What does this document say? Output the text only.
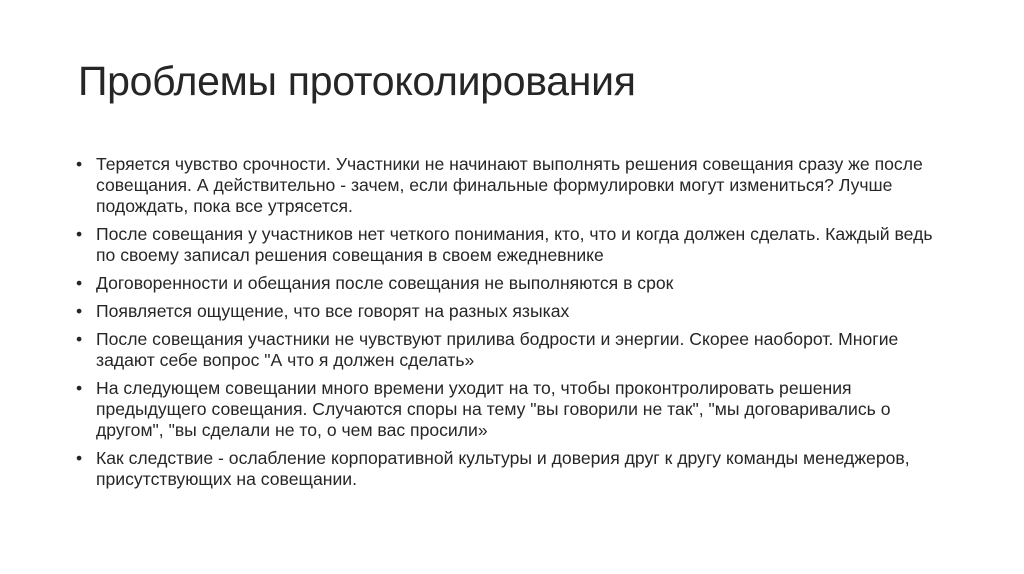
Проблемы протоколирования
• Теряется чувство срочности. Участники не начинают выполнять решения совещания сразу же после совещания. А действительно - зачем, если финальные формулировки могут измениться? Лучше подождать, пока все утрясется.
• После совещания у участников нет четкого понимания, кто, что и когда должен сделать. Каждый ведь по своему записал решения совещания в своем ежедневнике
• Договоренности и обещания после совещания не выполняются в срок
• Появляется ощущение, что все говорят на разных языках
• После совещания участники не чувствуют прилива бодрости и энергии. Скорее наоборот. Многие задают себе вопрос "А что я должен сделать»
• На следующем совещании много времени уходит на то, чтобы проконтролировать решения предыдущего совещания. Случаются споры на тему "вы говорили не так", "мы договаривались о другом", "вы сделали не то, о чем вас просили»
• Как следствие - ослабление корпоративной культуры и доверия друг к другу команды менеджеров, присутствующих на совещании.
